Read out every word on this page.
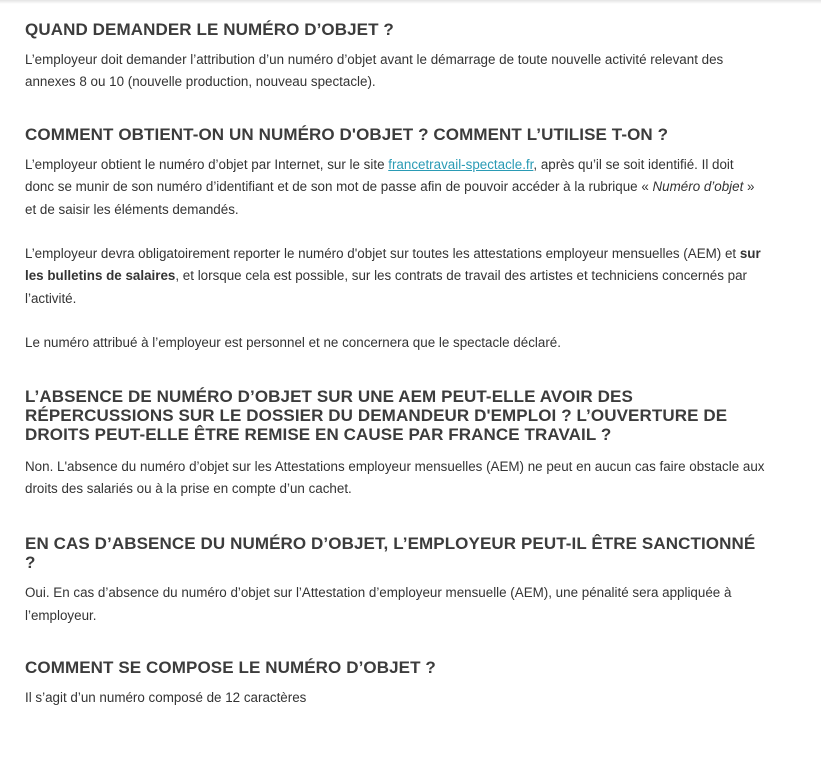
QUAND DEMANDER LE NUMÉRO D’OBJET ?

L’employeur doit demander l’attribution d’un numéro d’objet avant le démarrage de toute nouvelle activité relevant des annexes 8 ou 10 (nouvelle production, nouveau spectacle).

COMMENT OBTIENT-ON UN NUMÉRO D'OBJET ? COMMENT L’UTILISE T-ON ?

L’employeur obtient le numéro d’objet par Internet, sur le site francetravail-spectacle.fr, après qu’il se soit identifié. Il doit donc se munir de son numéro d’identifiant et de son mot de passe afin de pouvoir accéder à la rubrique « Numéro d’objet » et de saisir les éléments demandés.

L’employeur devra obligatoirement reporter le numéro d'objet sur toutes les attestations employeur mensuelles (AEM) et sur les bulletins de salaires, et lorsque cela est possible, sur les contrats de travail des artistes et techniciens concernés par l’activité.

Le numéro attribué à l’employeur est personnel et ne concernera que le spectacle déclaré.

L’ABSENCE DE NUMÉRO D’OBJET SUR UNE AEM PEUT-ELLE AVOIR DES RÉPERCUSSIONS SUR LE DOSSIER DU DEMANDEUR D'EMPLOI ? L’OUVERTURE DE DROITS PEUT-ELLE ÊTRE REMISE EN CAUSE PAR FRANCE TRAVAIL ?

Non. L'absence du numéro d’objet sur les Attestations employeur mensuelles (AEM) ne peut en aucun cas faire obstacle aux droits des salariés ou à la prise en compte d’un cachet.

EN CAS D’ABSENCE DU NUMÉRO D’OBJET, L’EMPLOYEUR PEUT-IL ÊTRE SANCTIONNÉ ?

Oui. En cas d’absence du numéro d’objet sur l’Attestation d’employeur mensuelle (AEM), une pénalité sera appliquée à l’employeur.

COMMENT SE COMPOSE LE NUMÉRO D’OBJET ?

Il s’agit d’un numéro composé de 12 caractères
